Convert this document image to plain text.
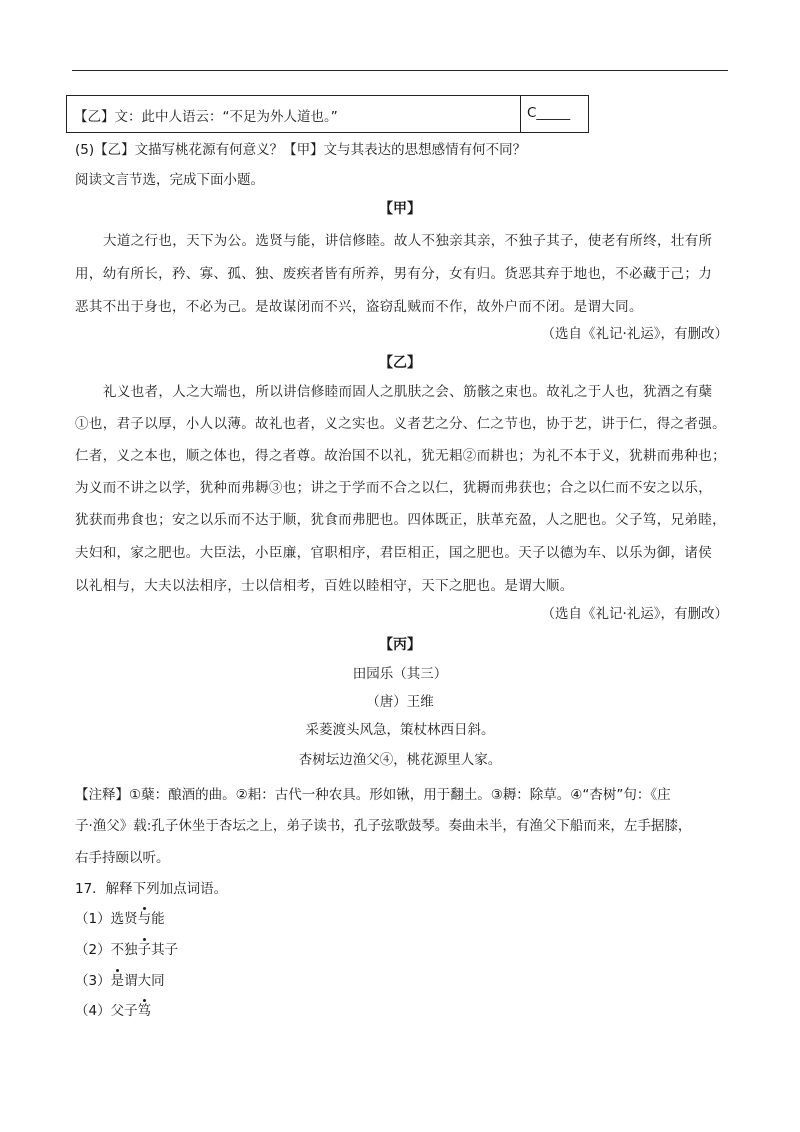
【乙】文：此中人语云：“不足为外人道也。”	C_____
(5)【乙】文描写桃花源有何意义？【甲】文与其表达的思想感情有何不同？
阅读文言节选，完成下面小题。
【甲】
大道之行也，天下为公。选贤与能，讲信修睦。故人不独亲其亲，不独子其子，使老有所终，壮有所
用，幼有所长，矜、寡、孤、独、废疾者皆有所养，男有分，女有归。货恶其弃于地也，不必藏于己；力
恶其不出于身也，不必为己。是故谋闭而不兴，盗窃乱贼而不作，故外户而不闭。是谓大同。
（选自《礼记·礼运》，有删改）
【乙】
礼义也者，人之大端也，所以讲信修睦而固人之肌肤之会、筋骸之束也。故礼之于人也，犹酒之有蘖
①也，君子以厚，小人以薄。故礼也者，义之实也。义者艺之分、仁之节也，协于艺，讲于仁，得之者强。
仁者，义之本也，顺之体也，得之者尊。故治国不以礼，犹无耜②而耕也；为礼不本于义，犹耕而弗种也；
为义而不讲之以学，犹种而弗耨③也；讲之于学而不合之以仁，犹耨而弗获也；合之以仁而不安之以乐，
犹获而弗食也；安之以乐而不达于顺，犹食而弗肥也。四体既正，肤革充盈，人之肥也。父子笃，兄弟睦，
夫妇和，家之肥也。大臣法，小臣廉，官职相序，君臣相正，国之肥也。天子以德为车、以乐为御，诸侯
以礼相与，大夫以法相序，士以信相考，百姓以睦相守，天下之肥也。是谓大顺。
（选自《礼记·礼运》，有删改）
【丙】
田园乐（其三）
（唐）王维
采菱渡头风急，策杖林西日斜。
杏树坛边渔父④，桃花源里人家。
【注释】①蘖：酿酒的曲。②耜：古代一种农具。形如锹，用于翻土。③耨：除草。④“杏树”句：《庄
子·渔父》载:孔子休坐于杏坛之上，弟子读书，孔子弦歌鼓琴。奏曲未半，有渔父下船而来，左手据膝，
右手持颐以听。
17．解释下列加点词语。
（1）选贤与能
（2）不独子其子
（3）是谓大同
（4）父子笃
